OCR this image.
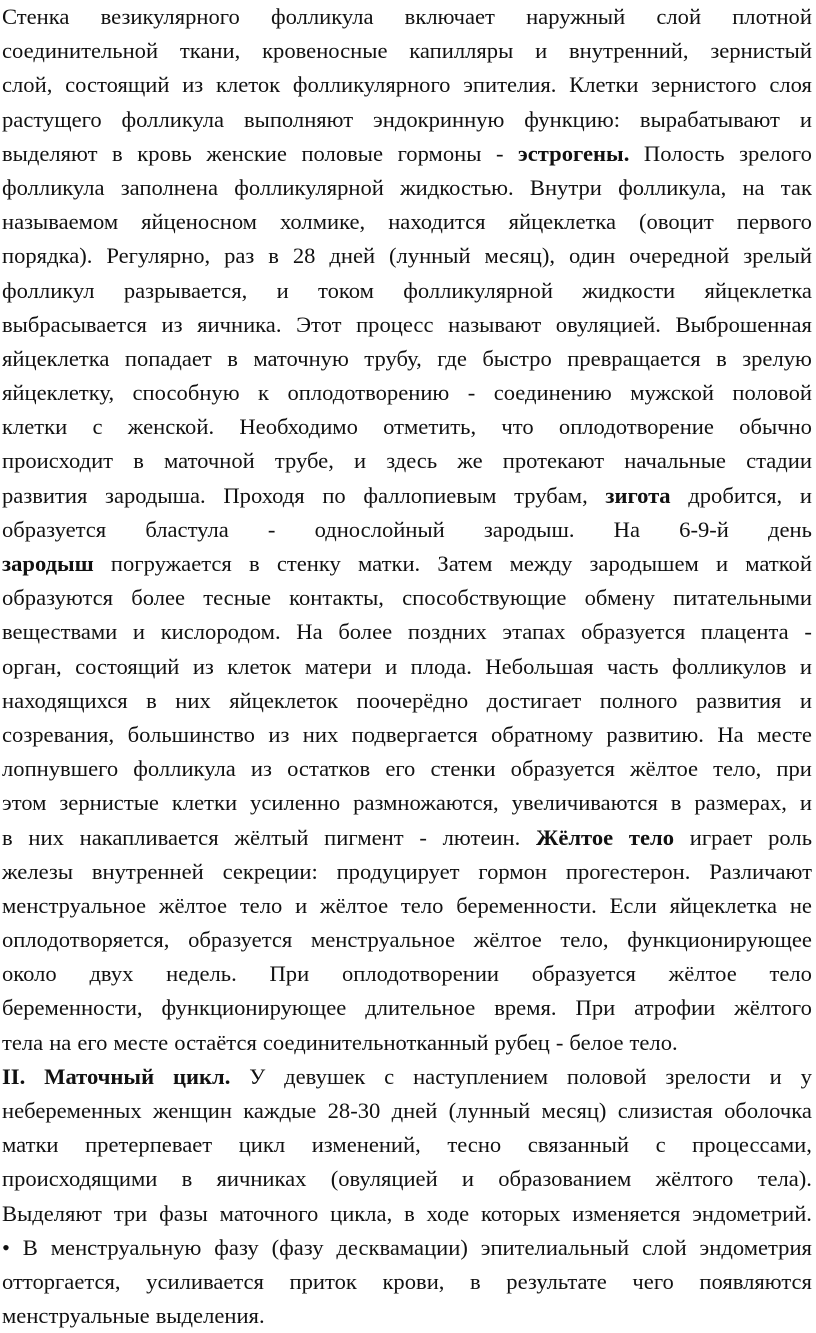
Стенка везикулярного фолликула включает наружный слой плотной
соединительной ткани, кровеносные капилляры и внутренний, зернистый
слой, состоящий из клеток фолликулярного эпителия. Клетки зернистого слоя
растущего фолликула выполняют эндокринную функцию: вырабатывают и
выделяют в кровь женские половые гормоны - эстрогены. Полость зрелого
фолликула заполнена фолликулярной жидкостью. Внутри фолликула, на так
называемом яйценосном холмике, находится яйцеклетка (овоцит первого
порядка). Регулярно, раз в 28 дней (лунный месяц), один очередной зрелый
фолликул разрывается, и током фолликулярной жидкости яйцеклетка
выбрасывается из яичника. Этот процесс называют овуляцией. Выброшенная
яйцеклетка попадает в маточную трубу, где быстро превращается в зрелую
яйцеклетку, способную к оплодотворению - соединению мужской половой
клетки с женской. Необходимо отметить, что оплодотворение обычно
происходит в маточной трубе, и здесь же протекают начальные стадии
развития зародыша. Проходя по фаллопиевым трубам, зиготa дробится, и
образуется бластула - однослойный зародыш. На 6-9-й день
зародыш погружается в стенку матки. Затем между зародышем и маткой
образуются более тесные контакты, способствующие обмену питательными
веществами и кислородом. На более поздних этапах образуется плацента -
орган, состоящий из клеток матери и плода. Небольшая часть фолликулов и
находящихся в них яйцеклеток поочерёдно достигает полного развития и
созревания, большинство из них подвергается обратному развитию. На месте
лопнувшего фолликула из остатков его стенки образуется жёлтое тело, при
этом зернистые клетки усиленно размножаются, увеличиваются в размерах, и
в них накапливается жёлтый пигмент - лютеин. Жёлтое тело играет роль
железы внутренней секреции: продуцирует гормон прогестерон. Различают
менструальное жёлтое тело и жёлтое тело беременности. Если яйцеклетка не
оплодотворяется, образуется менструальное жёлтое тело, функционирующее
около двух недель. При оплодотворении образуется жёлтое тело
беременности, функционирующее длительное время. При атрофии жёлтого
тела на его месте остаётся соединительнотканный рубец - белое тело.
II. Маточный цикл. У девушек с наступлением половой зрелости и у
небеременных женщин каждые 28-30 дней (лунный месяц) слизистая оболочка
матки претерпевает цикл изменений, тесно связанный с процессами,
происходящими в яичниках (овуляцией и образованием жёлтого тела).
Выделяют три фазы маточного цикла, в ходе которых изменяется эндометрий.
• В менструальную фазу (фазу десквамации) эпителиальный слой эндометрия
отторгается, усиливается приток крови, в результате чего появляются
менструальные выделения.
